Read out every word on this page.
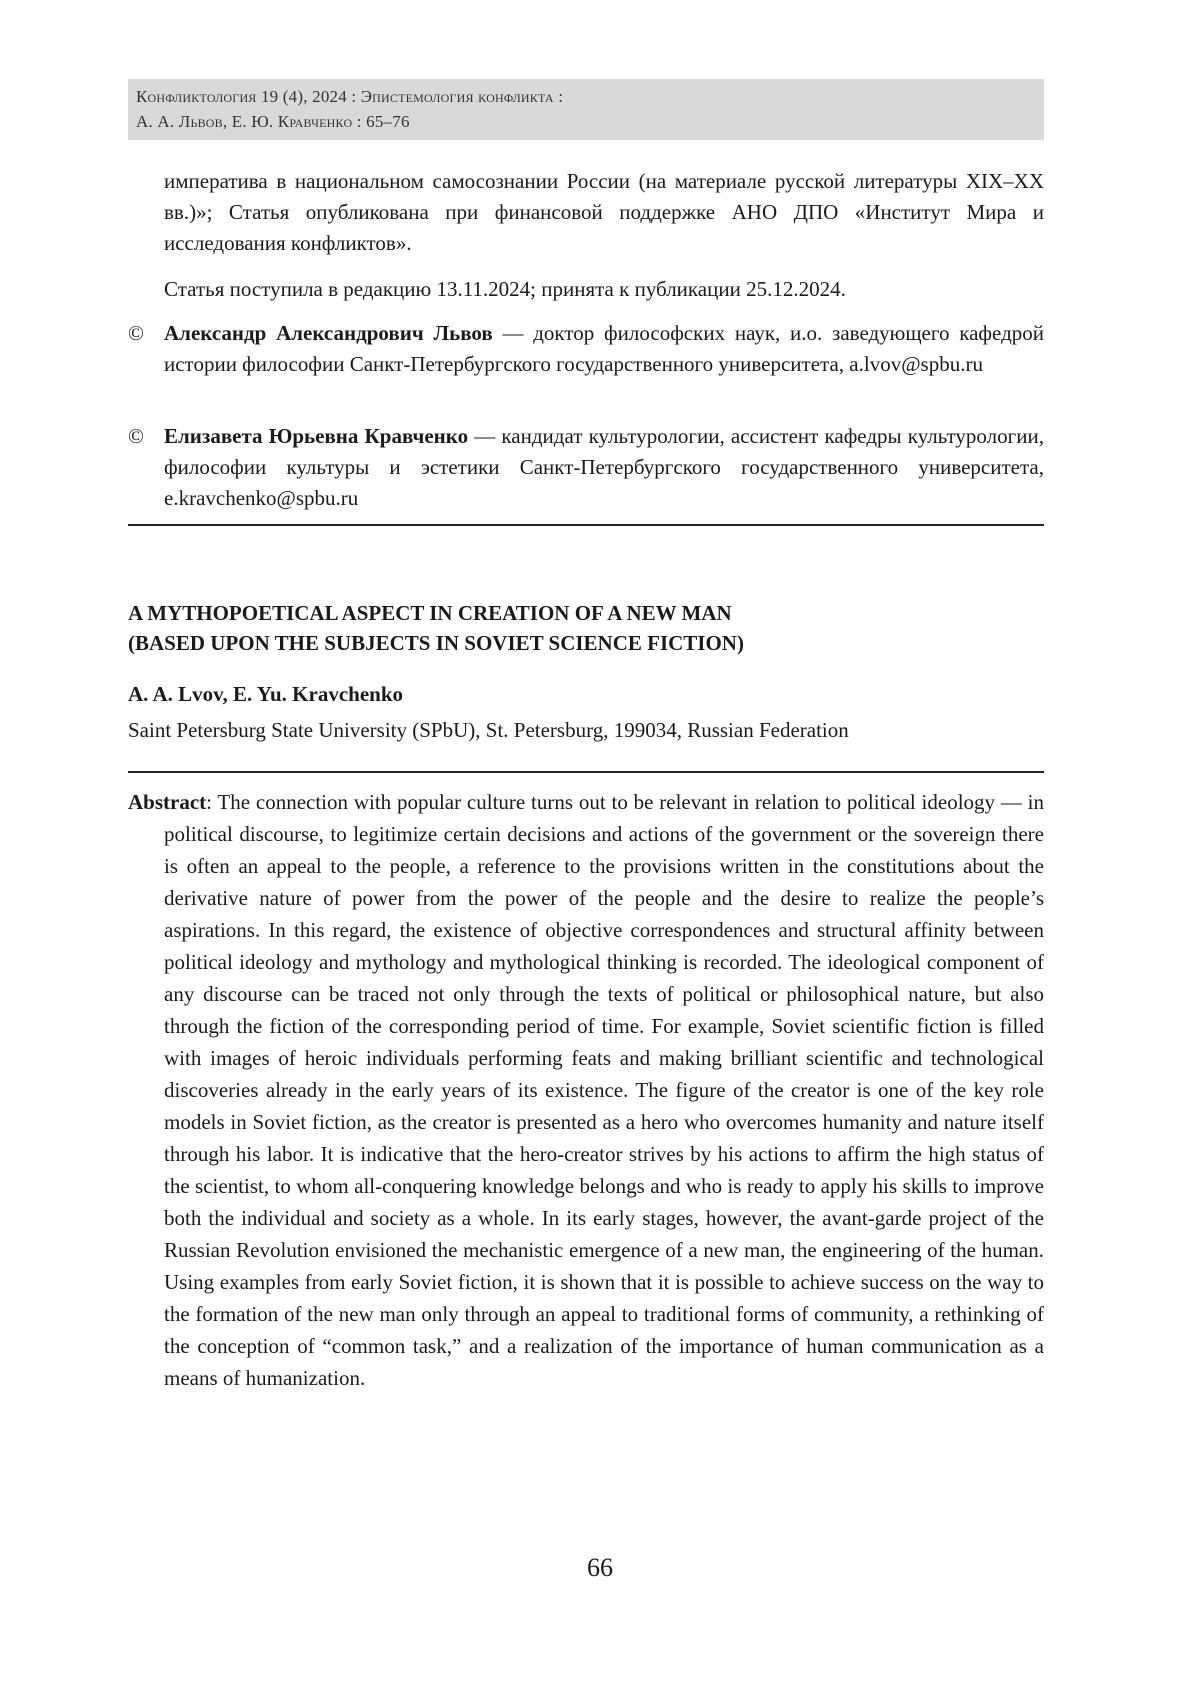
Конфликтология 19 (4), 2024 : Эпистемология конфликта :
А. А. Львов, Е. Ю. Кравченко : 65–76
императива в национальном самосознании России (на материале русской литературы XIX–XX вв.)»; Статья опубликована при финансовой поддержке АНО ДПО «Институт Мира и исследования конфликтов».
Статья поступила в редакцию 13.11.2024; принята к публикации 25.12.2024.
© Александр Александрович Львов — доктор философских наук, и.о. заведующего кафедрой истории философии Санкт-Петербургского государственного университета, a.lvov@spbu.ru
© Елизавета Юрьевна Кравченко — кандидат культурологии, ассистент кафедры культурологии, философии культуры и эстетики Санкт-Петербургского государственного университета, e.kravchenko@spbu.ru
A MYTHOPOETICAL ASPECT IN CREATION OF A NEW MAN
(BASED UPON THE SUBJECTS IN SOVIET SCIENCE FICTION)
A. A. Lvov, E. Yu. Kravchenko
Saint Petersburg State University (SPbU), St. Petersburg, 199034, Russian Federation
Abstract: The connection with popular culture turns out to be relevant in relation to political ideology — in political discourse, to legitimize certain decisions and actions of the government or the sovereign there is often an appeal to the people, a reference to the provisions written in the constitutions about the derivative nature of power from the power of the people and the desire to realize the people’s aspirations. In this regard, the existence of objective correspondences and structural affinity between political ideology and mythology and mythological thinking is recorded. The ideological component of any discourse can be traced not only through the texts of political or philosophical nature, but also through the fiction of the corresponding period of time. For example, Soviet scientific fiction is filled with images of heroic individuals performing feats and making brilliant scientific and technological discoveries already in the early years of its existence. The figure of the creator is one of the key role models in Soviet fiction, as the creator is presented as a hero who overcomes humanity and nature itself through his labor. It is indicative that the hero-creator strives by his actions to affirm the high status of the scientist, to whom all-conquering knowledge belongs and who is ready to apply his skills to improve both the individual and society as a whole. In its early stages, however, the avant-garde project of the Russian Revolution envisioned the mechanistic emergence of a new man, the engineering of the human. Using examples from early Soviet fiction, it is shown that it is possible to achieve success on the way to the formation of the new man only through an appeal to traditional forms of community, a rethinking of the conception of “common task,” and a realization of the importance of human communication as a means of humanization.
66
